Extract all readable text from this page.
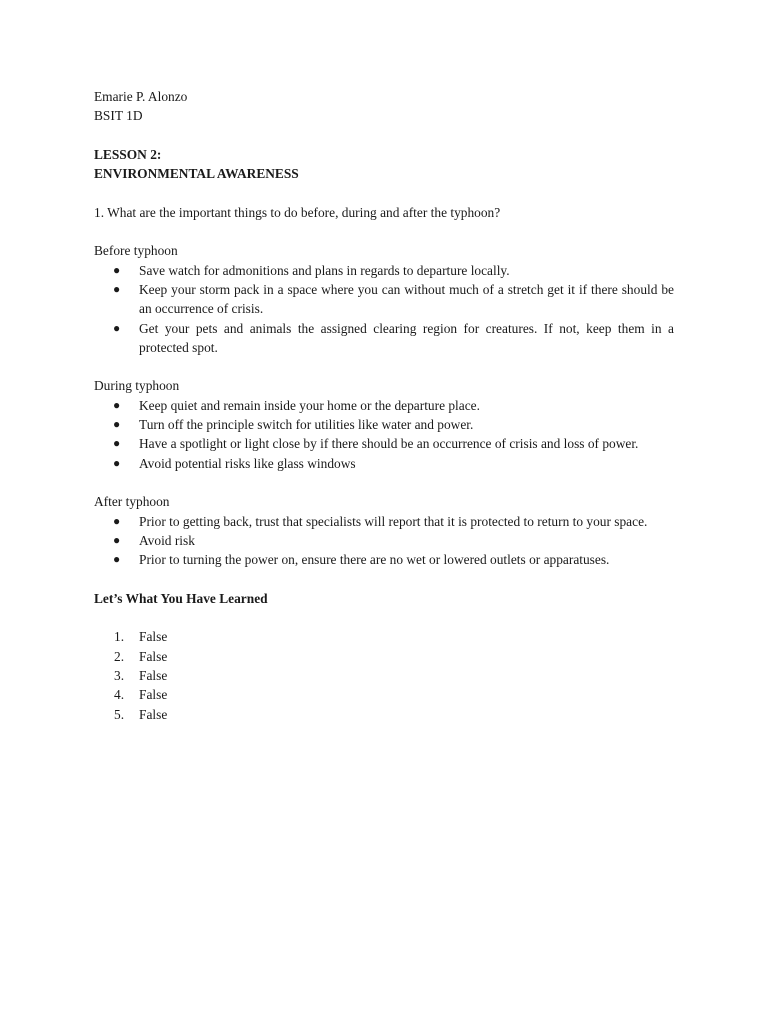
Emarie P. Alonzo

BSIT 1D

LESSON 2:

ENVIRONMENTAL AWARENESS

1. What are the important things to do before, during and after the typhoon?

Before typhoon

● Save watch for admonitions and plans in regards to departure locally.
● Keep your storm pack in a space where you can without much of a stretch get it if there should be an occurrence of crisis.
● Get your pets and animals the assigned clearing region for creatures. If not, keep them in a protected spot.

During typhoon

● Keep quiet and remain inside your home or the departure place.
● Turn off the principle switch for utilities like water and power.
● Have a spotlight or light close by if there should be an occurrence of crisis and loss of power.
● Avoid potential risks like glass windows

After typhoon

● Prior to getting back, trust that specialists will report that it is protected to return to your space.
● Avoid risk
● Prior to turning the power on, ensure there are no wet or lowered outlets or apparatuses.

Let’s What You Have Learned

1. False
2. False
3. False
4. False
5. False
